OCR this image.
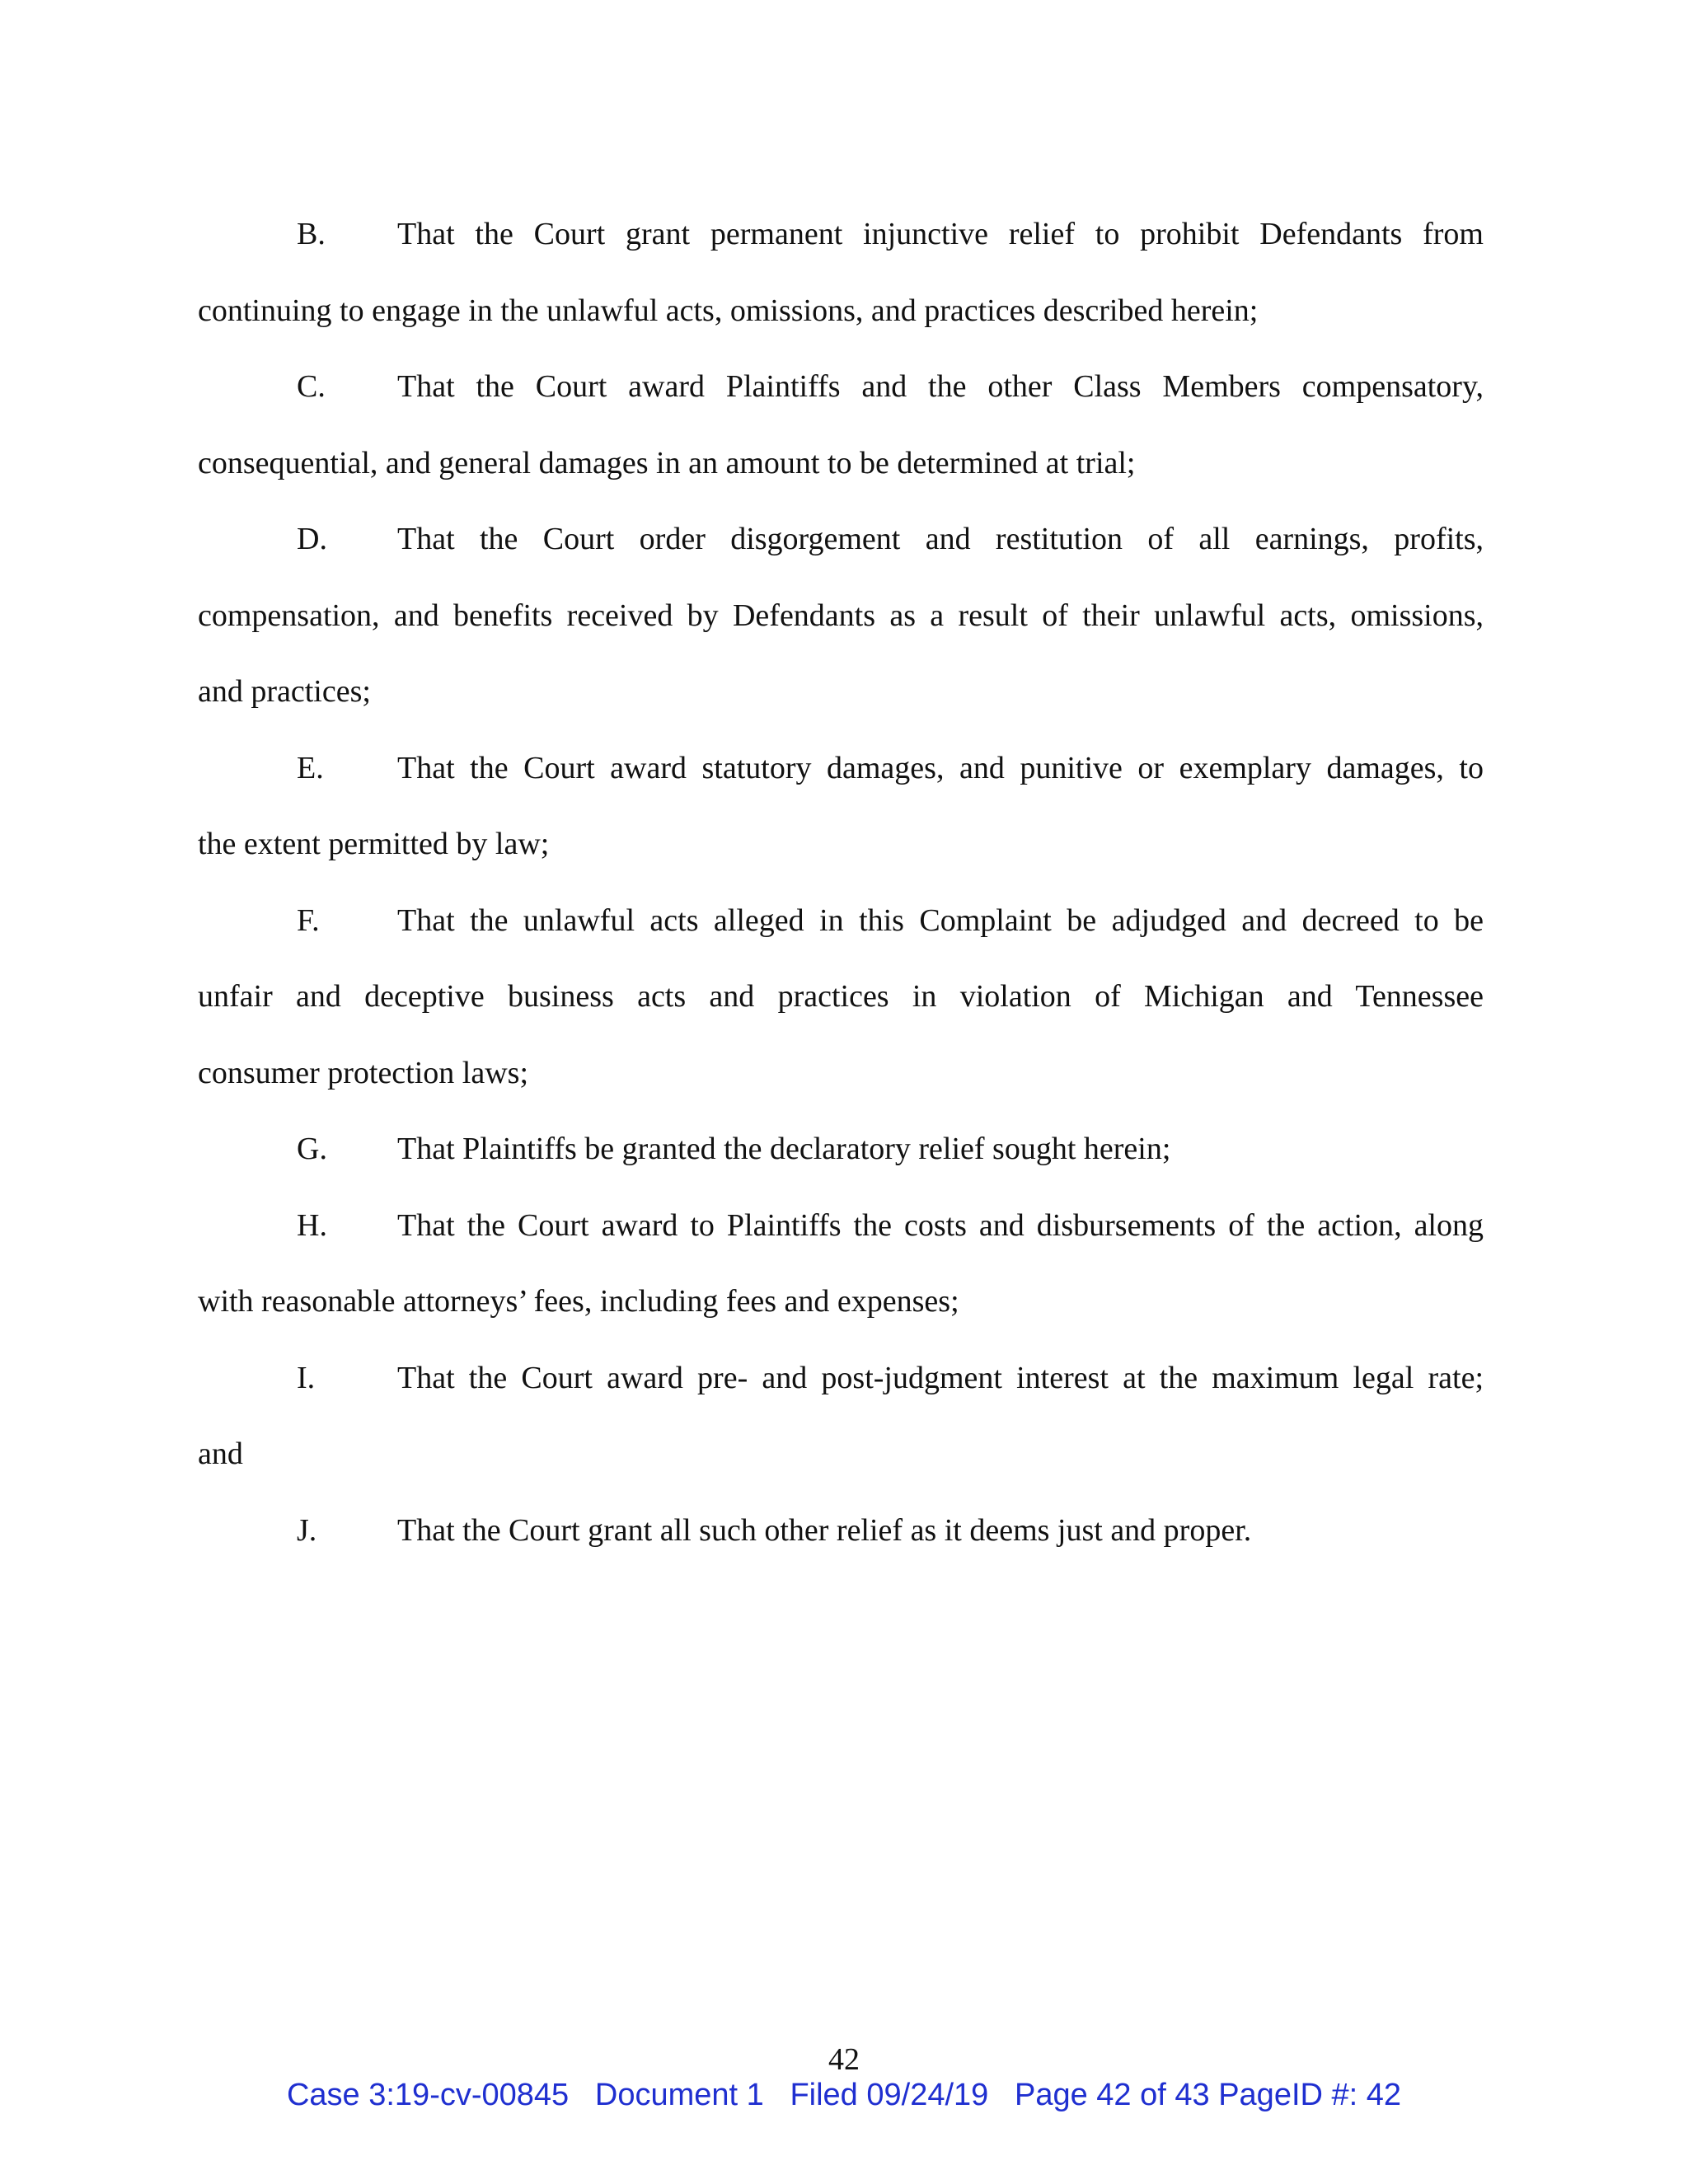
B. That the Court grant permanent injunctive relief to prohibit Defendants from
continuing to engage in the unlawful acts, omissions, and practices described herein;
C. That the Court award Plaintiffs and the other Class Members compensatory,
consequential, and general damages in an amount to be determined at trial;
D. That the Court order disgorgement and restitution of all earnings, profits,
compensation, and benefits received by Defendants as a result of their unlawful acts, omissions,
and practices;
E. That the Court award statutory damages, and punitive or exemplary damages, to
the extent permitted by law;
F. That the unlawful acts alleged in this Complaint be adjudged and decreed to be
unfair and deceptive business acts and practices in violation of Michigan and Tennessee
consumer protection laws;
G. That Plaintiffs be granted the declaratory relief sought herein;
H. That the Court award to Plaintiffs the costs and disbursements of the action, along
with reasonable attorneys’ fees, including fees and expenses;
I.	That the Court award pre- and post-judgment interest at the maximum legal rate;
and
J.	That the Court grant all such other relief as it deems just and proper.
42
Case 3:19-cv-00845 Document 1 Filed 09/24/19 Page 42 of 43 PageID #: 42
